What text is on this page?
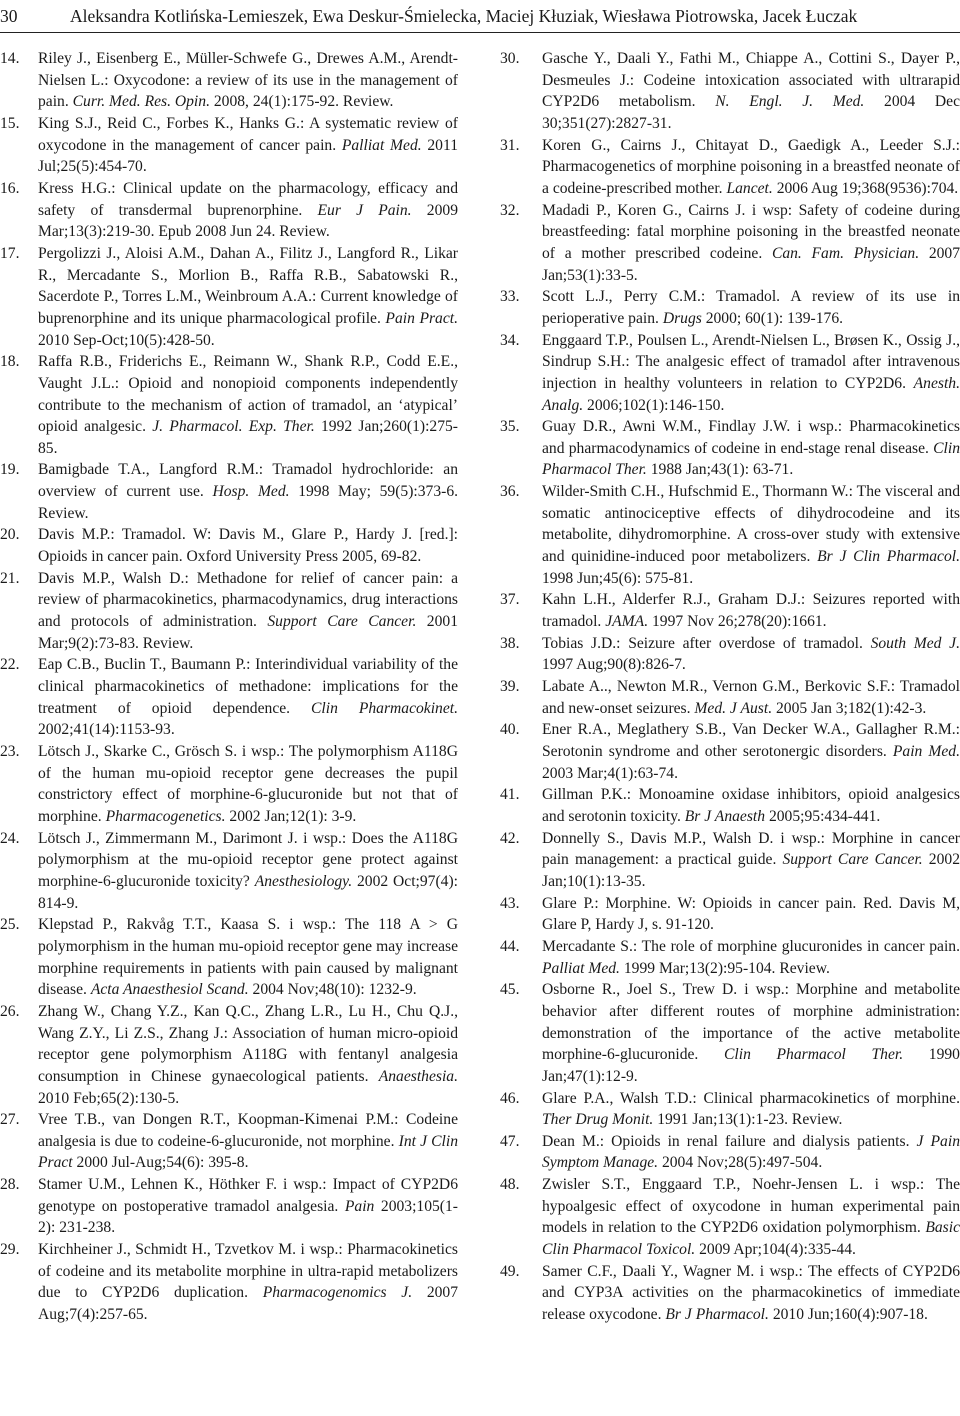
30	Aleksandra Kotlińska-Lemieszek, Ewa Deskur-Śmielecka, Maciej Kłuziak, Wiesława Piotrowska, Jacek Łuczak
14.	Riley J., Eisenberg E., Müller-Schwefe G., Drewes A.M., Arendt-Nielsen L.: Oxycodone: a review of its use in the management of pain. Curr. Med. Res. Opin. 2008, 24(1):175-92. Review.
15.	King S.J., Reid C., Forbes K., Hanks G.: A systematic review of oxycodone in the management of cancer pain. Palliat Med. 2011 Jul;25(5):454-70.
16.	Kress H.G.: Clinical update on the pharmacology, efficacy and safety of transdermal buprenorphine. Eur J Pain. 2009 Mar;13(3):219-30. Epub 2008 Jun 24. Review.
17.	Pergolizzi J., Aloisi A.M., Dahan A., Filitz J., Langford R., Likar R., Mercadante S., Morlion B., Raffa R.B., Sabatowski R., Sacerdote P., Torres L.M., Weinbroum A.A.: Current knowledge of buprenorphine and its unique pharmacological profile. Pain Pract. 2010 Sep-Oct;10(5):428-50.
18.	Raffa R.B., Friderichs E., Reimann W., Shank R.P., Codd E.E., Vaught J.L.: Opioid and nonopioid components independently contribute to the mechanism of action of tramadol, an ‘atypical’ opioid analgesic. J. Pharmacol. Exp. Ther. 1992 Jan;260(1):275-85.
19.	Bamigbade T.A., Langford R.M.: Tramadol hydrochloride: an overview of current use. Hosp. Med. 1998 May; 59(5):373-6. Review.
20.	Davis M.P.: Tramadol. W: Davis M., Glare P., Hardy J. [red.]: Opioids in cancer pain. Oxford University Press 2005, 69-82.
21.	Davis M.P., Walsh D.: Methadone for relief of cancer pain: a review of pharmacokinetics, pharmacodynamics, drug interactions and protocols of administration. Support Care Cancer. 2001 Mar;9(2):73-83. Review.
22.	Eap C.B., Buclin T., Baumann P.: Interindividual variability of the clinical pharmacokinetics of methadone: implications for the treatment of opioid dependence. Clin Pharmacokinet. 2002;41(14):1153-93.
23.	Lötsch J., Skarke C., Grösch S. i wsp.: The polymorphism A118G of the human mu-opioid receptor gene decreases the pupil constrictory effect of morphine-6-glucuronide but not that of morphine. Pharmacogenetics. 2002 Jan;12(1): 3-9.
24.	Lötsch J., Zimmermann M., Darimont J. i wsp.: Does the A118G polymorphism at the mu-opioid receptor gene protect against morphine-6-glucuronide toxicity? Anesthesiology. 2002 Oct;97(4): 814-9.
25.	Klepstad P., Rakvåg T.T., Kaasa S. i wsp.: The 118 A > G polymorphism in the human mu-opioid receptor gene may increase morphine requirements in patients with pain caused by malignant disease. Acta Anaesthesiol Scand. 2004 Nov;48(10): 1232-9.
26.	Zhang W., Chang Y.Z., Kan Q.C., Zhang L.R., Lu H., Chu Q.J., Wang Z.Y., Li Z.S., Zhang J.: Association of human micro-opioid receptor gene polymorphism A118G with fentanyl analgesia consumption in Chinese gynaecological patients. Anaesthesia. 2010 Feb;65(2):130-5.
27.	Vree T.B., van Dongen R.T., Koopman-Kimenai P.M.: Codeine analgesia is due to codeine-6-glucuronide, not morphine. Int J Clin Pract 2000 Jul-Aug;54(6): 395-8.
28.	Stamer U.M., Lehnen K., Höthker F. i wsp.: Impact of CYP2D6 genotype on postoperative tramadol analgesia. Pain 2003;105(1-2): 231-238.
29.	Kirchheiner J., Schmidt H., Tzvetkov M. i wsp.: Pharmacokinetics of codeine and its metabolite morphine in ultra-rapid metabolizers due to CYP2D6 duplication. Pharmacogenomics J. 2007 Aug;7(4):257-65.
30.	Gasche Y., Daali Y., Fathi M., Chiappe A., Cottini S., Dayer P., Desmeules J.: Codeine intoxication associated with ultrarapid CYP2D6 metabolism. N. Engl. J. Med. 2004 Dec 30;351(27):2827-31.
31.	Koren G., Cairns J., Chitayat D., Gaedigk A., Leeder S.J.: Pharmacogenetics of morphine poisoning in a breastfed neonate of a codeine-prescribed mother. Lancet. 2006 Aug 19;368(9536):704.
32.	Madadi P., Koren G., Cairns J. i wsp: Safety of codeine during breastfeeding: fatal morphine poisoning in the breastfed neonate of a mother prescribed codeine. Can. Fam. Physician. 2007 Jan;53(1):33-5.
33.	Scott L.J., Perry C.M.: Tramadol. A review of its use in perioperative pain. Drugs 2000; 60(1): 139-176.
34.	Enggaard T.P., Poulsen L., Arendt-Nielsen L., Brøsen K., Ossig J., Sindrup S.H.: The analgesic effect of tramadol after intravenous injection in healthy volunteers in relation to CYP2D6. Anesth. Analg. 2006;102(1):146-150.
35.	Guay D.R., Awni W.M., Findlay J.W. i wsp.: Pharmacokinetics and pharmacodynamics of codeine in end-stage renal disease. Clin Pharmacol Ther. 1988 Jan;43(1): 63-71.
36.	Wilder-Smith C.H., Hufschmid E., Thormann W.: The visceral and somatic antinociceptive effects of dihydrocodeine and its metabolite, dihydromorphine. A cross-over study with extensive and quinidine-induced poor metabolizers. Br J Clin Pharmacol. 1998 Jun;45(6): 575-81.
37.	Kahn L.H., Alderfer R.J., Graham D.J.: Seizures reported with tramadol. JAMA. 1997 Nov 26;278(20):1661.
38.	Tobias J.D.: Seizure after overdose of tramadol. South Med J. 1997 Aug;90(8):826-7.
39.	Labate A.., Newton M.R., Vernon G.M., Berkovic S.F.: Tramadol and new-onset seizures. Med. J Aust. 2005 Jan 3;182(1):42-3.
40.	Ener R.A., Meglathery S.B., Van Decker W.A., Gallagher R.M.: Serotonin syndrome and other serotonergic disorders. Pain Med. 2003 Mar;4(1):63-74.
41.	Gillman P.K.: Monoamine oxidase inhibitors, opioid analgesics and serotonin toxicity. Br J Anaesth 2005;95:434-441.
42.	Donnelly S., Davis M.P., Walsh D. i wsp.: Morphine in cancer pain management: a practical guide. Support Care Cancer. 2002 Jan;10(1):13-35.
43.	Glare P.: Morphine. W: Opioids in cancer pain. Red. Davis M, Glare P, Hardy J, s. 91-120.
44.	Mercadante S.: The role of morphine glucuronides in cancer pain. Palliat Med. 1999 Mar;13(2):95-104. Review.
45.	Osborne R., Joel S., Trew D. i wsp.: Morphine and metabolite behavior after different routes of morphine administration: demonstration of the importance of the active metabolite morphine-6-glucuronide. Clin Pharmacol Ther. 1990 Jan;47(1):12-9.
46.	Glare P.A., Walsh T.D.: Clinical pharmacokinetics of morphine. Ther Drug Monit. 1991 Jan;13(1):1-23. Review.
47.	Dean M.: Opioids in renal failure and dialysis patients. J Pain Symptom Manage. 2004 Nov;28(5):497-504.
48.	Zwisler S.T., Enggaard T.P., Noehr-Jensen L. i wsp.: The hypoalgesic effect of oxycodone in human experimental pain models in relation to the CYP2D6 oxidation polymorphism. Basic Clin Pharmacol Toxicol. 2009 Apr;104(4):335-44.
49.	Samer C.F., Daali Y., Wagner M. i wsp.: The effects of CYP2D6 and CYP3A activities on the pharmacokinetics of immediate release oxycodone. Br J Pharmacol. 2010 Jun;160(4):907-18.
